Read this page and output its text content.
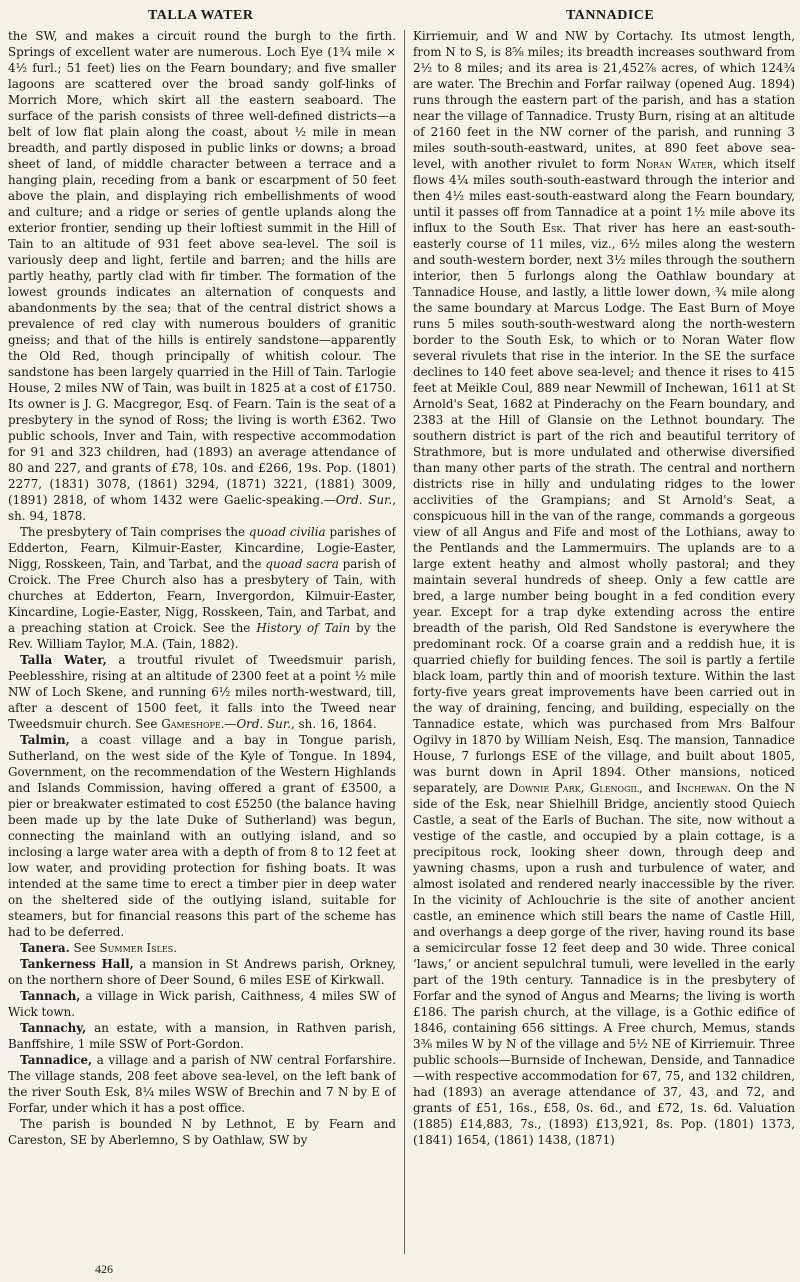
TALLA WATER	TANNADICE

the SW, and makes a circuit round the burgh to the firth. Springs of excellent water are numerous. Loch Eye (1¾ mile × 4½ furl.; 51 feet) lies on the Fearn boundary; and five smaller lagoons are scattered over the broad sandy golf-links of Morrich More, which skirt all the eastern seaboard. The surface of the parish consists of three well-defined districts—a belt of low flat plain along the coast, about ½ mile in mean breadth, and partly disposed in public links or downs; a broad sheet of land, of middle character between a terrace and a hanging plain, receding from a bank or escarpment of 50 feet above the plain, and displaying rich embellishments of wood and culture; and a ridge or series of gentle uplands along the exterior frontier, sending up their loftiest summit in the Hill of Tain to an altitude of 931 feet above sea-level. The soil is variously deep and light, fertile and barren; and the hills are partly heathy, partly clad with fir timber. The formation of the lowest grounds indicates an alternation of conquests and abandonments by the sea; that of the central district shows a prevalence of red clay with numerous boulders of granitic gneiss; and that of the hills is entirely sandstone—apparently the Old Red, though principally of whitish colour. The sandstone has been largely quarried in the Hill of Tain. Tarlogie House, 2 miles NW of Tain, was built in 1825 at a cost of £1750. Its owner is J. G. Macgregor, Esq. of Fearn. Tain is the seat of a presbytery in the synod of Ross; the living is worth £362. Two public schools, Inver and Tain, with respective accommodation for 91 and 323 children, had (1893) an average attendance of 80 and 227, and grants of £78, 10s. and £266, 19s. Pop. (1801) 2277, (1831) 3078, (1861) 3294, (1871) 3221, (1881) 3009, (1891) 2818, of whom 1432 were Gaelic-speaking.—Ord. Sur., sh. 94, 1878.

The presbytery of Tain comprises the quoad civilia parishes of Edderton, Fearn, Kilmuir-Easter, Kincardine, Logie-Easter, Nigg, Rosskeen, Tain, and Tarbat, and the quoad sacra parish of Croick. The Free Church also has a presbytery of Tain, with churches at Edderton, Fearn, Invergordon, Kilmuir-Easter, Kincardine, Logie-Easter, Nigg, Rosskeen, Tain, and Tarbat, and a preaching station at Croick. See the History of Tain by the Rev. William Taylor, M.A. (Tain, 1882).

Talla Water, a troutful rivulet of Tweedsmuir parish, Peeblesshire, rising at an altitude of 2300 feet at a point ½ mile NW of Loch Skene, and running 6½ miles north-westward, till, after a descent of 1500 feet, it falls into the Tweed near Tweedsmuir church. See Gameshope.—Ord. Sur., sh. 16, 1864.

Talmin, a coast village and a bay in Tongue parish, Sutherland, on the west side of the Kyle of Tongue. In 1894, Government, on the recommendation of the Western Highlands and Islands Commission, having offered a grant of £3500, a pier or breakwater estimated to cost £5250 (the balance having been made up by the late Duke of Sutherland) was begun, connecting the mainland with an outlying island, and so inclosing a large water area with a depth of from 8 to 12 feet at low water, and providing protection for fishing boats. It was intended at the same time to erect a timber pier in deep water on the sheltered side of the outlying island, suitable for steamers, but for financial reasons this part of the scheme has had to be deferred.

Tanera. See Summer Isles.

Tankerness Hall, a mansion in St Andrews parish, Orkney, on the northern shore of Deer Sound, 6 miles ESE of Kirkwall.

Tannach, a village in Wick parish, Caithness, 4 miles SW of Wick town.

Tannachy, an estate, with a mansion, in Rathven parish, Banffshire, 1 mile SSW of Port-Gordon.

Tannadice, a village and a parish of NW central Forfarshire. The village stands, 208 feet above sea-level, on the left bank of the river South Esk, 8¼ miles WSW of Brechin and 7 N by E of Forfar, under which it has a post office.

The parish is bounded N by Lethnot, E by Fearn and Careston, SE by Aberlemno, S by Oathlaw, SW by

Kirriemuir, and W and NW by Cortachy. Its utmost length, from N to S, is 8⅝ miles; its breadth increases southward from 2½ to 8 miles; and its area is 21,452⅞ acres, of which 124¾ are water. The Brechin and Forfar railway (opened Aug. 1894) runs through the eastern part of the parish, and has a station near the village of Tannadice. Trusty Burn, rising at an altitude of 2160 feet in the NW corner of the parish, and running 3 miles south-south-eastward, unites, at 890 feet above sea-level, with another rivulet to form Noran Water, which itself flows 4¼ miles south-south-eastward through the interior and then 4½ miles east-south-eastward along the Fearn boundary, until it passes off from Tannadice at a point 1½ mile above its influx to the South Esk. That river has here an east-south-easterly course of 11 miles, viz., 6½ miles along the western and south-western border, next 3½ miles through the southern interior, then 5 furlongs along the Oathlaw boundary at Tannadice House, and lastly, a little lower down, ¾ mile along the same boundary at Marcus Lodge. The East Burn of Moye runs 5 miles south-south-westward along the north-western border to the South Esk, to which or to Noran Water flow several rivulets that rise in the interior. In the SE the surface declines to 140 feet above sea-level; and thence it rises to 415 feet at Meikle Coul, 889 near Newmill of Inchewan, 1611 at St Arnold's Seat, 1682 at Pinderachy on the Fearn boundary, and 2383 at the Hill of Glansie on the Lethnot boundary. The southern district is part of the rich and beautiful territory of Strathmore, but is more undulated and otherwise diversified than many other parts of the strath. The central and northern districts rise in hilly and undulating ridges to the lower acclivities of the Grampians; and St Arnold's Seat, a conspicuous hill in the van of the range, commands a gorgeous view of all Angus and Fife and most of the Lothians, away to the Pentlands and the Lammermuirs. The uplands are to a large extent heathy and almost wholly pastoral; and they maintain several hundreds of sheep. Only a few cattle are bred, a large number being bought in a fed condition every year. Except for a trap dyke extending across the entire breadth of the parish, Old Red Sandstone is everywhere the predominant rock. Of a coarse grain and a reddish hue, it is quarried chiefly for building fences. The soil is partly a fertile black loam, partly thin and of moorish texture. Within the last forty-five years great improvements have been carried out in the way of draining, fencing, and building, especially on the Tannadice estate, which was purchased from Mrs Balfour Ogilvy in 1870 by William Neish, Esq. The mansion, Tannadice House, 7 furlongs ESE of the village, and built about 1805, was burnt down in April 1894. Other mansions, noticed separately, are Downie Park, Glenogil, and Inchewan. On the N side of the Esk, near Shielhill Bridge, anciently stood Quiech Castle, a seat of the Earls of Buchan. The site, now without a vestige of the castle, and occupied by a plain cottage, is a precipitous rock, looking sheer down, through deep and yawning chasms, upon a rush and turbulence of water, and almost isolated and rendered nearly inaccessible by the river. In the vicinity of Achlouchrie is the site of another ancient castle, an eminence which still bears the name of Castle Hill, and overhangs a deep gorge of the river, having round its base a semicircular fosse 12 feet deep and 30 wide. Three conical ‘laws,’ or ancient sepulchral tumuli, were levelled in the early part of the 19th century. Tannadice is in the presbytery of Forfar and the synod of Angus and Mearns; the living is worth £186. The parish church, at the village, is a Gothic edifice of 1846, containing 656 sittings. A Free church, Memus, stands 3⅜ miles W by N of the village and 5½ NE of Kirriemuir. Three public schools—Burnside of Inchewan, Denside, and Tannadice—with respective accommodation for 67, 75, and 132 children, had (1893) an average attendance of 37, 43, and 72, and grants of £51, 16s., £58, 0s. 6d., and £72, 1s. 6d. Valuation (1885) £14,883, 7s., (1893) £13,921, 8s. Pop. (1801) 1373, (1841) 1654, (1861) 1438, (1871)

426
